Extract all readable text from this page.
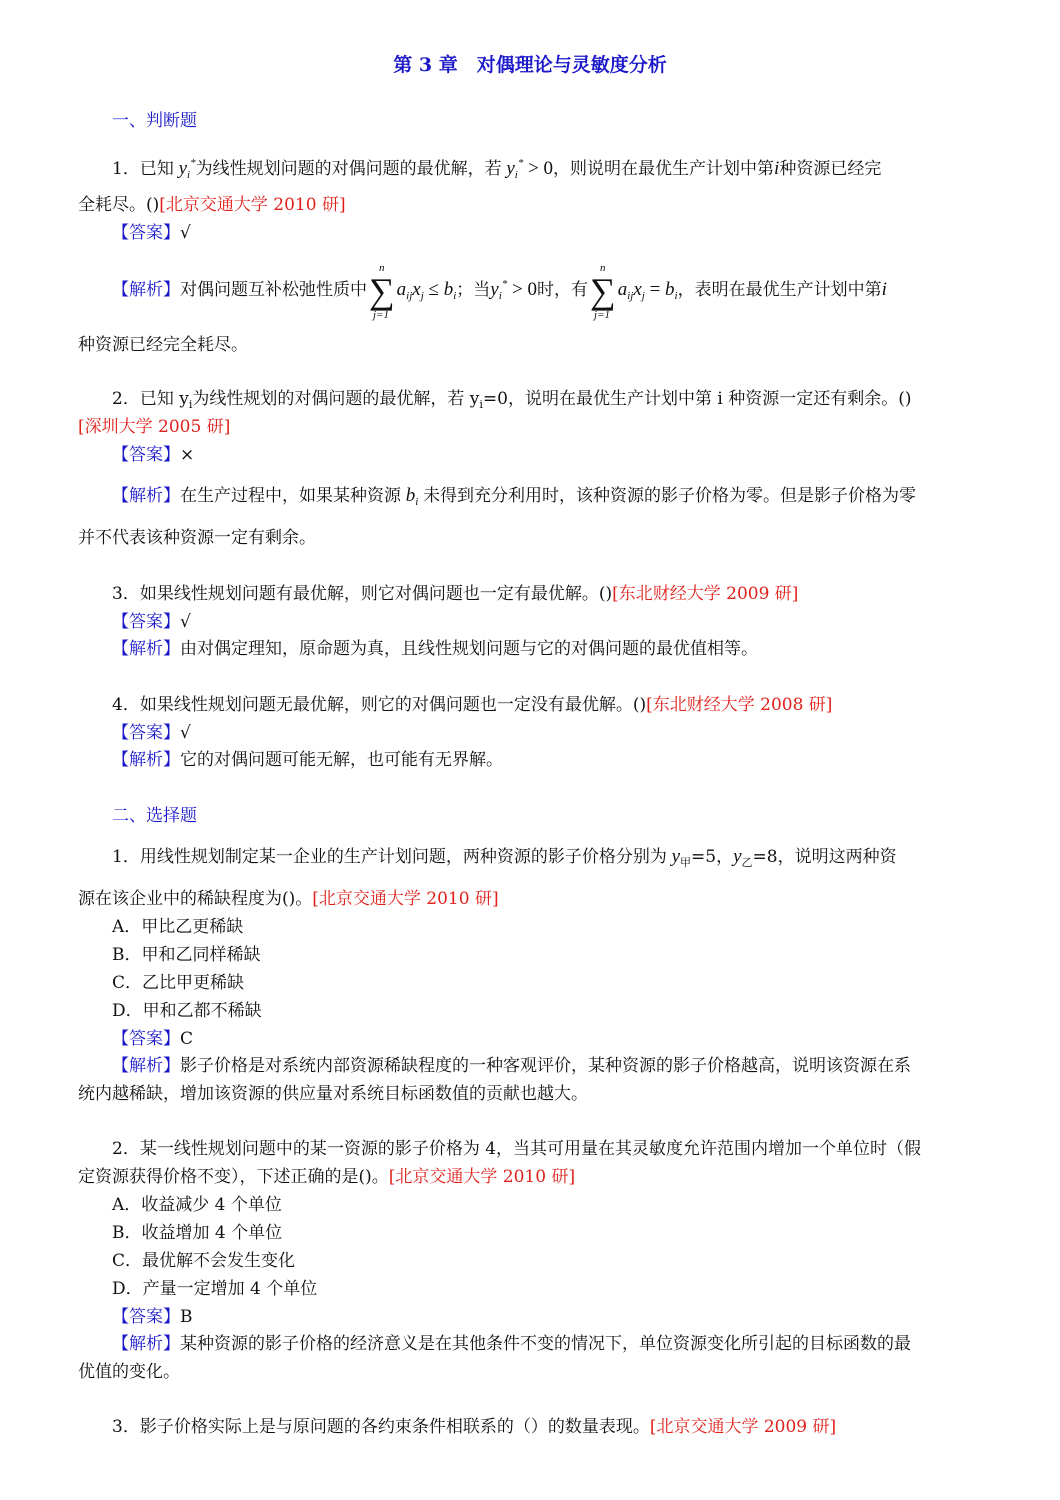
第 3 章　对偶理论与灵敏度分析
一、判断题
1．已知 $y_i^*$为线性规划问题的对偶问题的最优解，若 $y_i^* > 0$，则说明在最优生产计划中第i种资源已经完
全耗尽。()[北京交通大学 2010 研]
【答案】√
【解析】对偶问题互补松弛性质中∑
n
j=1
$a_{ij}x_j \le b_i$；当$y_i^* > 0$时，有∑
n
j=1
$a_{ij}x_j = b_i$，表明在最优生产计划中第i
种资源已经完全耗尽。
2．已知 $y_i$为线性规划的对偶问题的最优解，若 $y_i=0$，说明在最优生产计划中第 i 种资源一定还有剩余。()
[深圳大学 2005 研]
【答案】×
【解析】在生产过程中，如果某种资源 $b_i$ 未得到充分利用时，该种资源的影子价格为零。但是影子价格为零
并不代表该种资源一定有剩余。
3．如果线性规划问题有最优解，则它对偶问题也一定有最优解。()[东北财经大学 2009 研]
【答案】√
【解析】由对偶定理知，原命题为真，且线性规划问题与它的对偶问题的最优值相等。
4．如果线性规划问题无最优解，则它的对偶问题也一定没有最优解。()[东北财经大学 2008 研]
【答案】√
【解析】它的对偶问题可能无解，也可能有无界解。
二、选择题
1．用线性规划制定某一企业的生产计划问题，两种资源的影子价格分别为 $y_甲=5$，$y_乙=8$，说明这两种资
源在该企业中的稀缺程度为()。[北京交通大学 2010 研]
A．甲比乙更稀缺
B．甲和乙同样稀缺
C．乙比甲更稀缺
D．甲和乙都不稀缺
【答案】C
【解析】影子价格是对系统内部资源稀缺程度的一种客观评价，某种资源的影子价格越高，说明该资源在系
统内越稀缺，增加该资源的供应量对系统目标函数值的贡献也越大。
2．某一线性规划问题中的某一资源的影子价格为 4，当其可用量在其灵敏度允许范围内增加一个单位时（假
定资源获得价格不变），下述正确的是()。[北京交通大学 2010 研]
A．收益减少 4 个单位
B．收益增加 4 个单位
C．最优解不会发生变化
D．产量一定增加 4 个单位
【答案】B
【解析】某种资源的影子价格的经济意义是在其他条件不变的情况下，单位资源变化所引起的目标函数的最
优值的变化。
3．影子价格实际上是与原问题的各约束条件相联系的（）的数量表现。[北京交通大学 2009 研]
